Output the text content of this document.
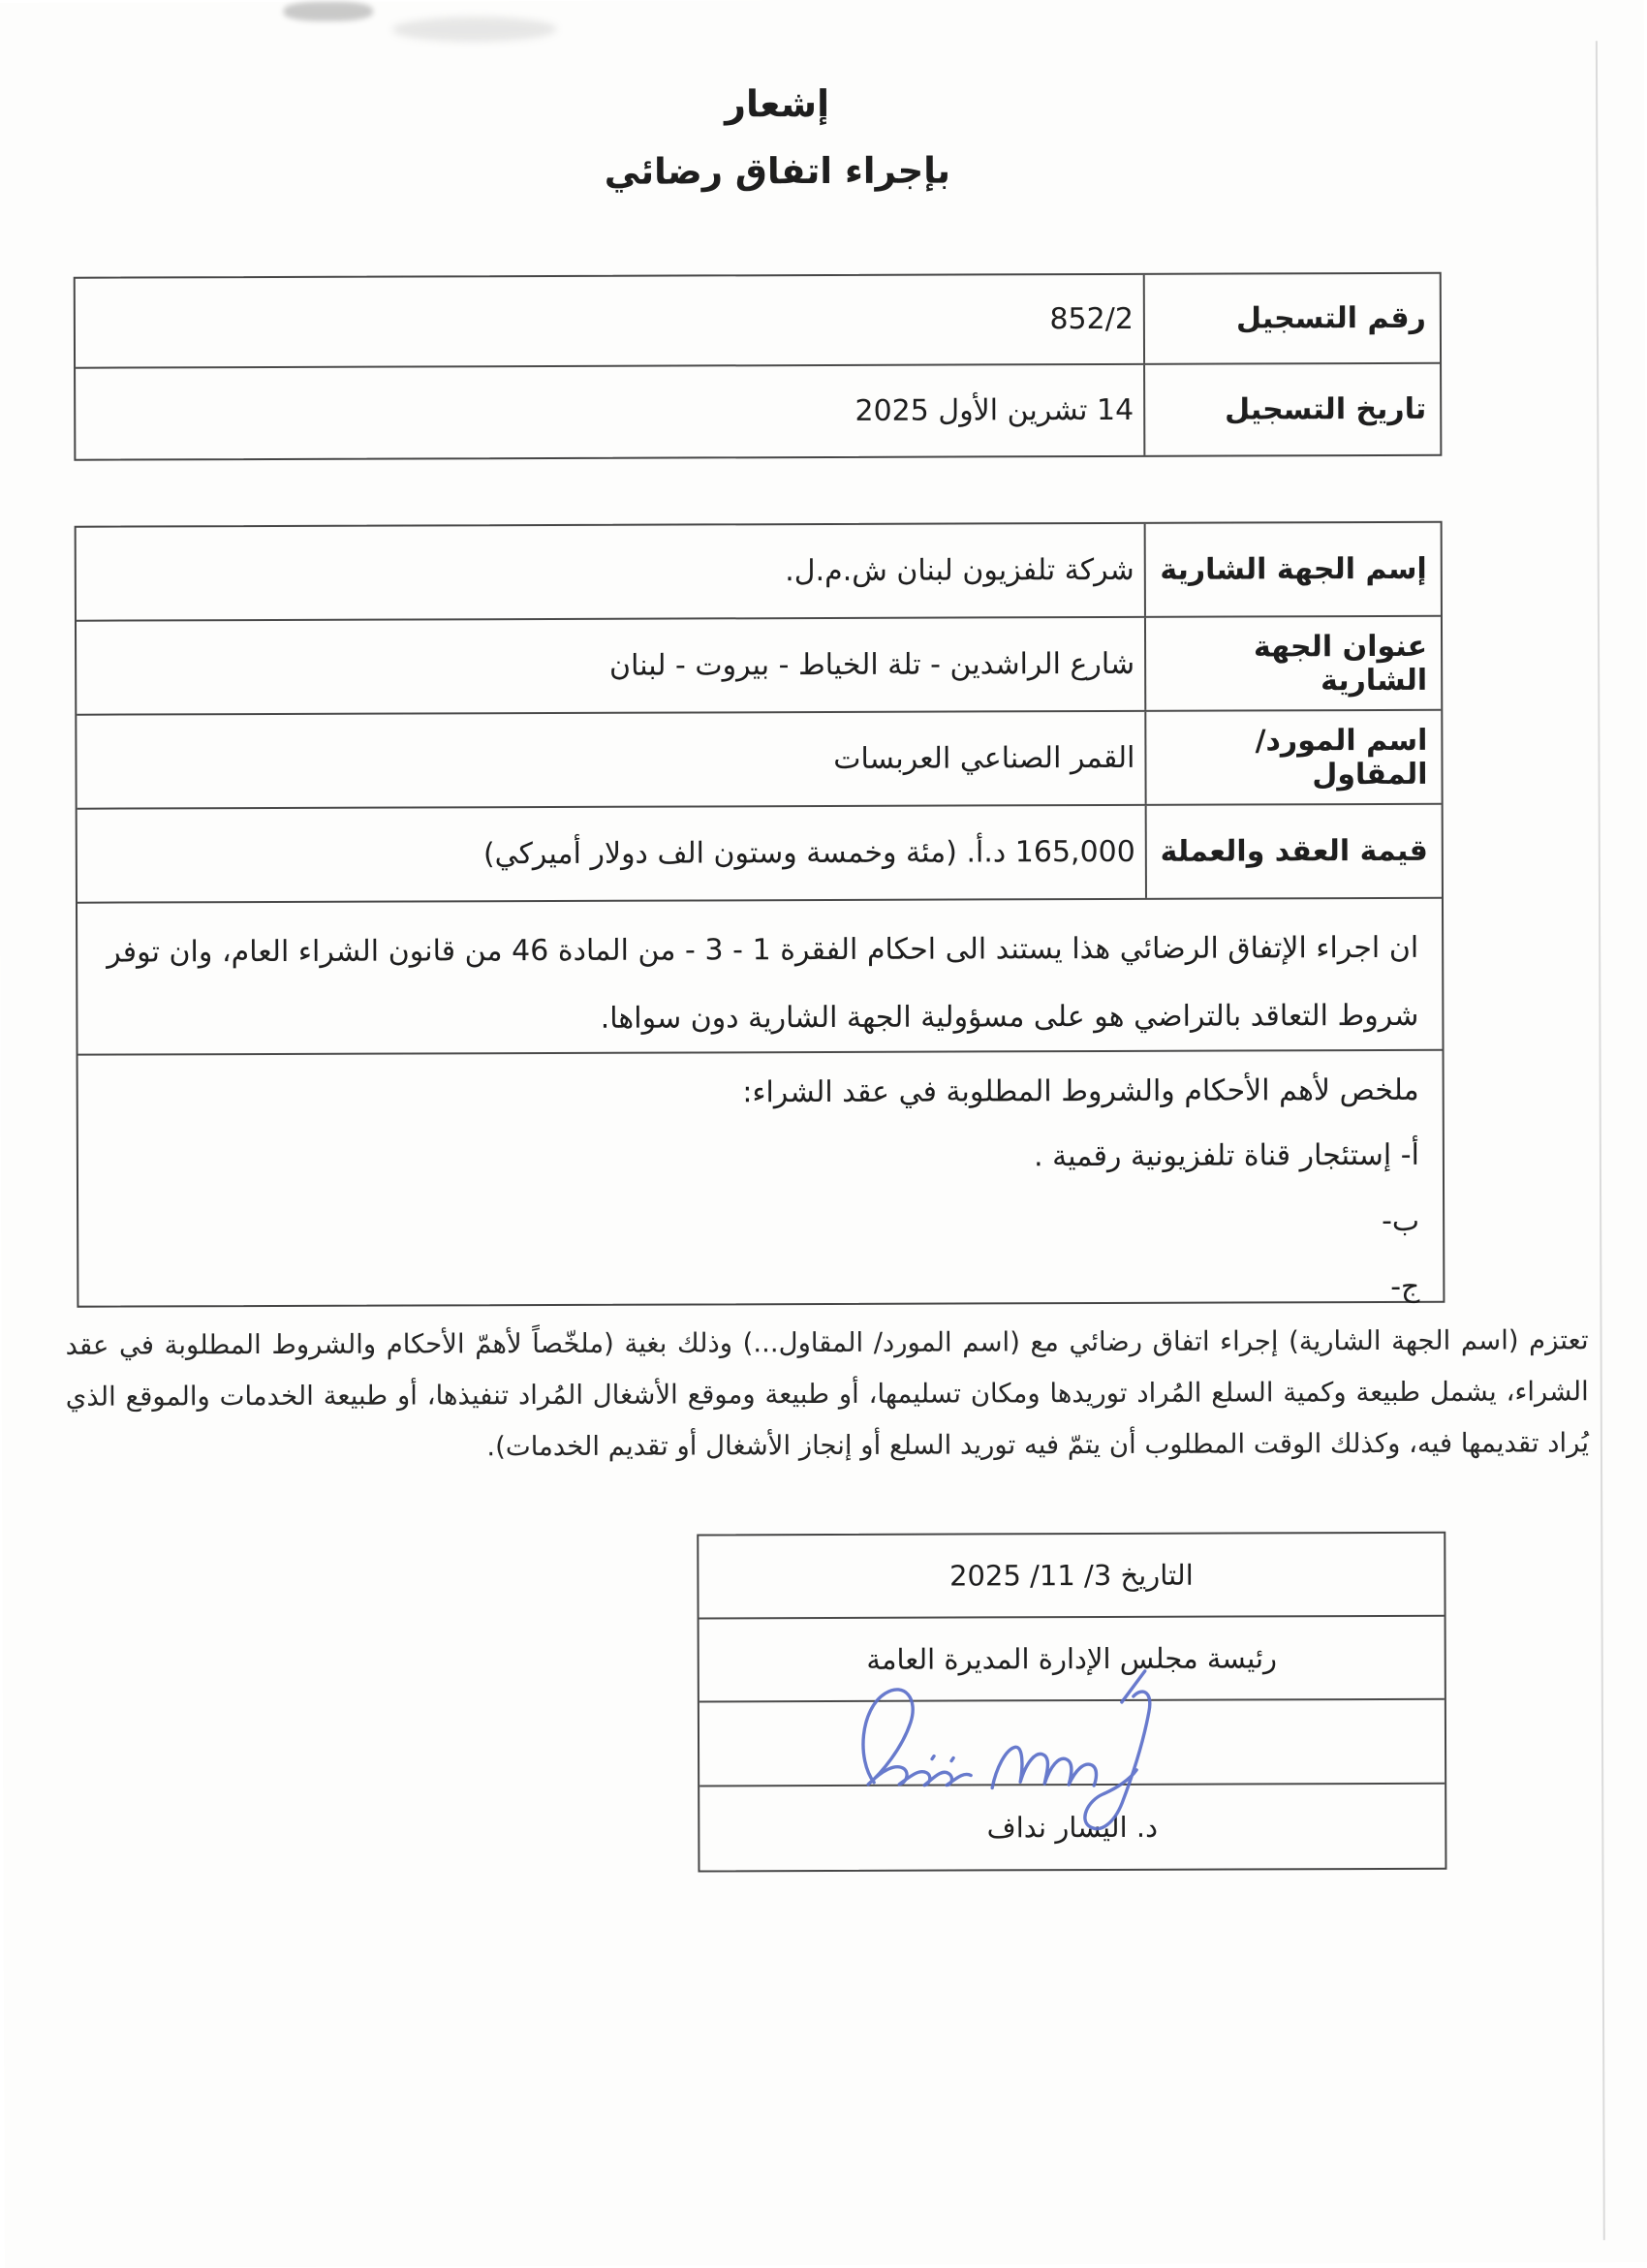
إشعار
بإجراء اتفاق رضائي
رقم التسجيل
852/2
تاريخ التسجيل
14 تشرين الأول 2025
إسم الجهة الشارية
شركة تلفزيون لبنان ش.م.ل.
عنوان الجهة الشارية
شارع الراشدين - تلة الخياط - بيروت - لبنان
اسم المورد/المقاول
القمر الصناعي العربسات
قيمة العقد والعملة
165,000 د.أ. (مئة وخمسة وستون الف دولار أميركي)
ان اجراء الإتفاق الرضائي هذا يستند الى احكام الفقرة 1 - 3 - من المادة 46 من قانون الشراء العام، وان توفر شروط التعاقد بالتراضي هو على مسؤولية الجهة الشارية دون سواها.
ملخص لأهم الأحكام والشروط المطلوبة في عقد الشراء:
أ- إستئجار قناة تلفزيونية رقمية .
ب-
ج-
تعتزم (اسم الجهة الشارية) إجراء اتفاق رضائي مع (اسم المورد/ المقاول...) وذلك بغية (ملخّصاً لأهمّ الأحكام والشروط المطلوبة في عقد الشراء، يشمل طبيعة وكمية السلع المُراد توريدها ومكان تسليمها، أو طبيعة وموقع الأشغال المُراد تنفيذها، أو طبيعة الخدمات والموقع الذي يُراد تقديمها فيه، وكذلك الوقت المطلوب أن يتمّ فيه توريد السلع أو إنجاز الأشغال أو تقديم الخدمات).
التاريخ 3/ 11/ 2025
رئيسة مجلس الإدارة المديرة العامة
د. اليسار نداف
